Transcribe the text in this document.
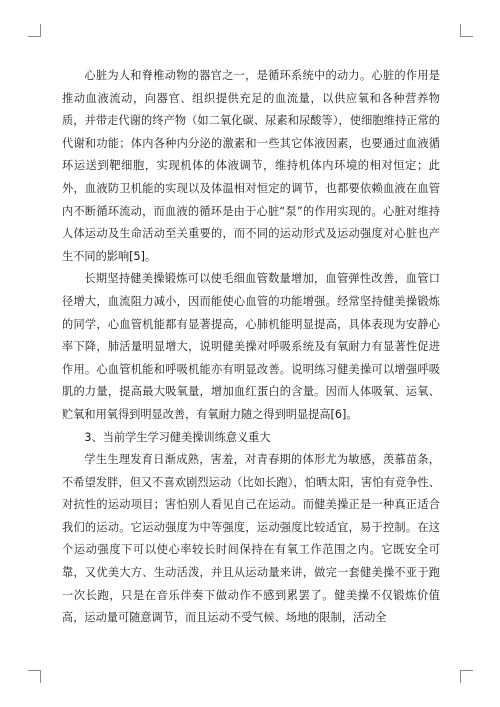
心脏为人和脊椎动物的器官之一，是循环系统中的动力。心脏的作用是推动血液流动，向器官、组织提供充足的血流量，以供应氧和各种营养物质，并带走代谢的终产物（如二氧化碳、尿素和尿酸等），使细胞维持正常的代谢和功能；体内各种内分泌的激素和一些其它体液因素，也要通过血液循环运送到靶细胞，实现机体的体液调节，维持机体内环境的相对恒定；此外，血液防卫机能的实现以及体温相对恒定的调节，也都要依赖血液在血管内不断循环流动，而血液的循环是由于心脏“泵”的作用实现的。心脏对维持人体运动及生命活动至关重要的，而不同的运动形式及运动强度对心脏也产生不同的影响[5]。

长期坚持健美操锻炼可以使毛细血管数量增加，血管弹性改善，血管口径增大，血流阻力减小，因而能使心血管的功能增强。经常坚持健美操锻炼的同学，心血管机能都有显著提高，心肺机能明显提高，具体表现为安静心率下降，肺活量明显增大，说明健美操对呼吸系统及有氧耐力有显著性促进作用。心血管机能和呼吸机能亦有明显改善。说明练习健美操可以增强呼吸肌的力量，提高最大吸氧量，增加血红蛋白的含量。因而人体吸氧、运氧、贮氧和用氧得到明显改善，有氧耐力随之得到明显提高[6]。

3、当前学生学习健美操训练意义重大

学生生理发育日渐成熟，害羞，对青春期的体形尤为敏感，羡慕苗条，不希望发胖，但又不喜欢剧烈运动（比如长跑），怕晒太阳，害怕有竞争性、对抗性的运动项目；害怕别人看见自己在运动。而健美操正是一种真正适合我们的运动。它运动强度为中等强度，运动强度比较适宜，易于控制。在这个运动强度下可以使心率较长时间保持在有氧工作范围之内。它既安全可靠，又优美大方、生动活泼，并且从运动量来讲，做完一套健美操不亚于跑一次长跑，只是在音乐伴奏下做动作不感到累罢了。健美操不仅锻炼价值高，运动量可随意调节，而且运动不受气候、场地的限制，活动全
